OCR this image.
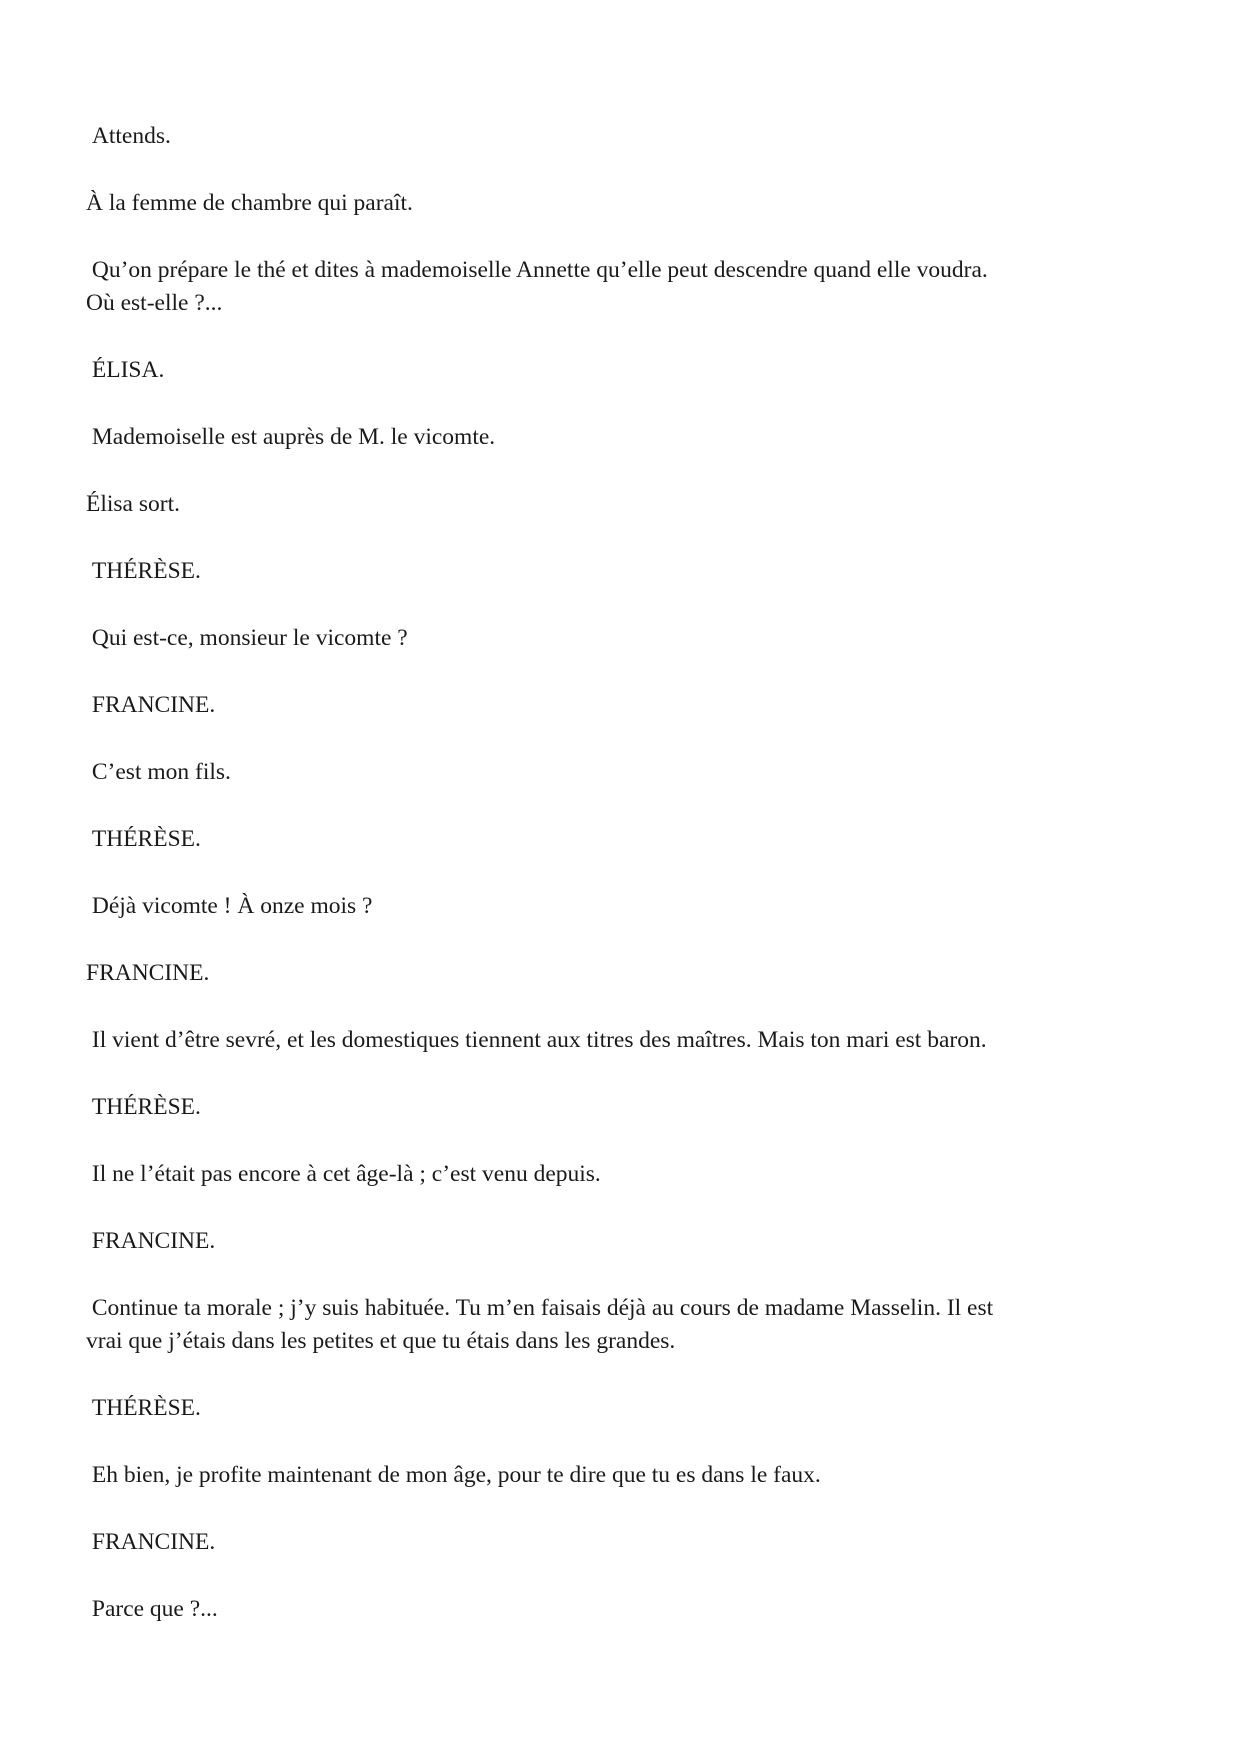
Attends.

À la femme de chambre qui paraît.

Qu’on prépare le thé et dites à mademoiselle Annette qu’elle peut descendre quand elle voudra.
Où est-elle ?...

ÉLISA.

Mademoiselle est auprès de M. le vicomte.

Élisa sort.

THÉRÈSE.

Qui est-ce, monsieur le vicomte ?

FRANCINE.

C’est mon fils.

THÉRÈSE.

Déjà vicomte ! À onze mois ?

FRANCINE.

Il vient d’être sevré, et les domestiques tiennent aux titres des maîtres. Mais ton mari est baron.

THÉRÈSE.

Il ne l’était pas encore à cet âge-là ; c’est venu depuis.

FRANCINE.

Continue ta morale ; j’y suis habituée. Tu m’en faisais déjà au cours de madame Masselin. Il est
vrai que j’étais dans les petites et que tu étais dans les grandes.

THÉRÈSE.

Eh bien, je profite maintenant de mon âge, pour te dire que tu es dans le faux.

FRANCINE.

Parce que ?...
